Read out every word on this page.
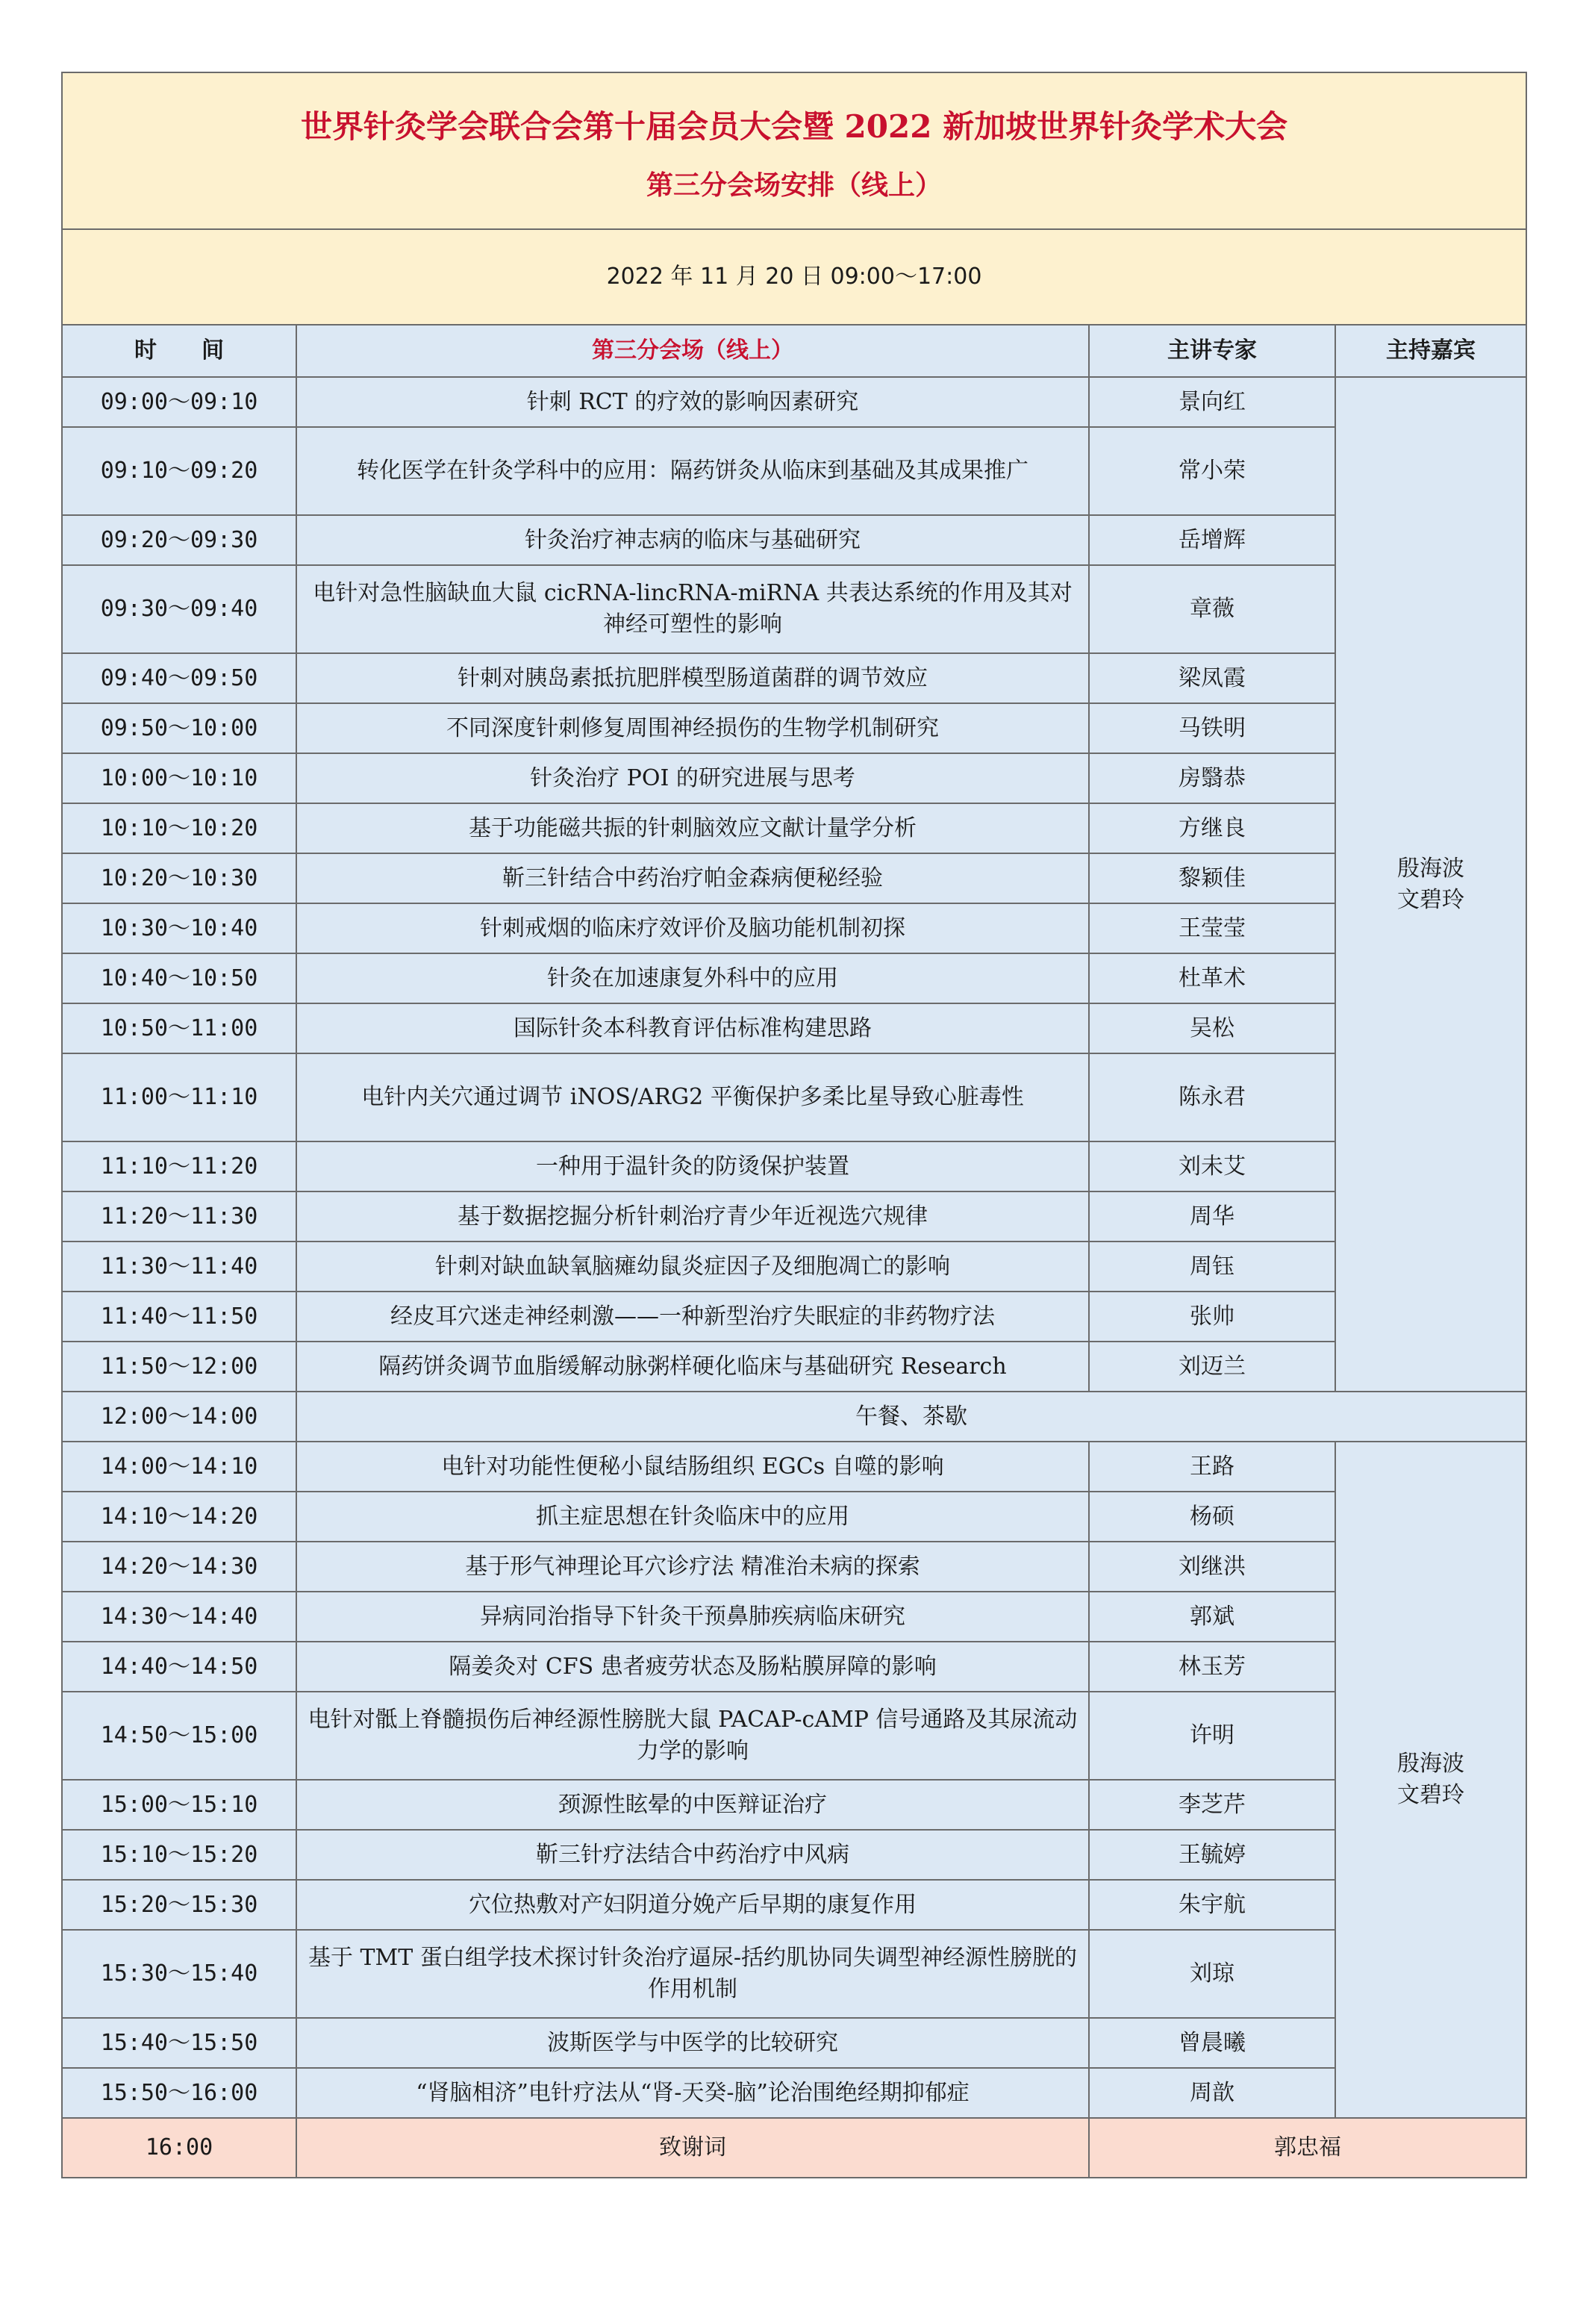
世界针灸学会联合会第十届会员大会暨 2022 新加坡世界针灸学术大会
第三分会场安排（线上）			

2022 年 11 月 20 日 09:00～17:00			
时　　间	第三分会场（线上）	主讲专家	主持嘉宾
09:00～09:10	针刺 RCT 的疗效的影响因素研究	景向红	殷海波
文碧玲

09:10～09:20	转化医学在针灸学科中的应用：隔药饼灸从临床到基础及其成果推广	常小荣	
09:20～09:30	针灸治疗神志病的临床与基础研究	岳增辉	
09:30～09:40	电针对急性脑缺血大鼠 cicRNA-lincRNA-miRNA 共表达系统的作用及其对神经可塑性的影响	章薇	
09:40～09:50	针刺对胰岛素抵抗肥胖模型肠道菌群的调节效应	梁凤霞	
09:50～10:00	不同深度针刺修复周围神经损伤的生物学机制研究	马铁明	
10:00～10:10	针灸治疗 POI 的研究进展与思考	房翳恭	
10:10～10:20	基于功能磁共振的针刺脑效应文献计量学分析	方继良	
10:20～10:30	靳三针结合中药治疗帕金森病便秘经验	黎颖佳	
10:30～10:40	针刺戒烟的临床疗效评价及脑功能机制初探	王莹莹	
10:40～10:50	针灸在加速康复外科中的应用	杜革术	
10:50～11:00	国际针灸本科教育评估标准构建思路	吴松	
11:00～11:10	电针内关穴通过调节 iNOS/ARG2 平衡保护多柔比星导致心脏毒性	陈永君	
11:10～11:20	一种用于温针灸的防烫保护装置	刘未艾	
11:20～11:30	基于数据挖掘分析针刺治疗青少年近视选穴规律	周华	
11:30～11:40	针刺对缺血缺氧脑瘫幼鼠炎症因子及细胞凋亡的影响	周钰	
11:40～11:50	经皮耳穴迷走神经刺激——一种新型治疗失眠症的非药物疗法	张帅	
11:50～12:00	隔药饼灸调节血脂缓解动脉粥样硬化临床与基础研究 Research	刘迈兰	
12:00～14:00	午餐、茶歇		
14:00～14:10	电针对功能性便秘小鼠结肠组织 EGCs 自噬的影响	王路	殷海波
文碧玲

14:10～14:20	抓主症思想在针灸临床中的应用	杨硕	
14:20～14:30	基于形气神理论耳穴诊疗法 精准治未病的探索	刘继洪	
14:30～14:40	异病同治指导下针灸干预鼻肺疾病临床研究	郭斌	
14:40～14:50	隔姜灸对 CFS 患者疲劳状态及肠粘膜屏障的影响	林玉芳	
14:50～15:00	电针对骶上脊髓损伤后神经源性膀胱大鼠 PACAP-cAMP 信号通路及其尿流动力学的影响	许明	
15:00～15:10	颈源性眩晕的中医辩证治疗	李芝芹	
15:10～15:20	靳三针疗法结合中药治疗中风病	王毓婷	
15:20～15:30	穴位热敷对产妇阴道分娩产后早期的康复作用	朱宇航	
15:30～15:40	基于 TMT 蛋白组学技术探讨针灸治疗逼尿-括约肌协同失调型神经源性膀胱的作用机制	刘琼	
15:40～15:50	波斯医学与中医学的比较研究	曾晨曦	
15:50～16:00	“肾脑相济”电针疗法从“肾-天癸-脑”论治围绝经期抑郁症	周歆	
16:00	致谢词	郭忠福	
